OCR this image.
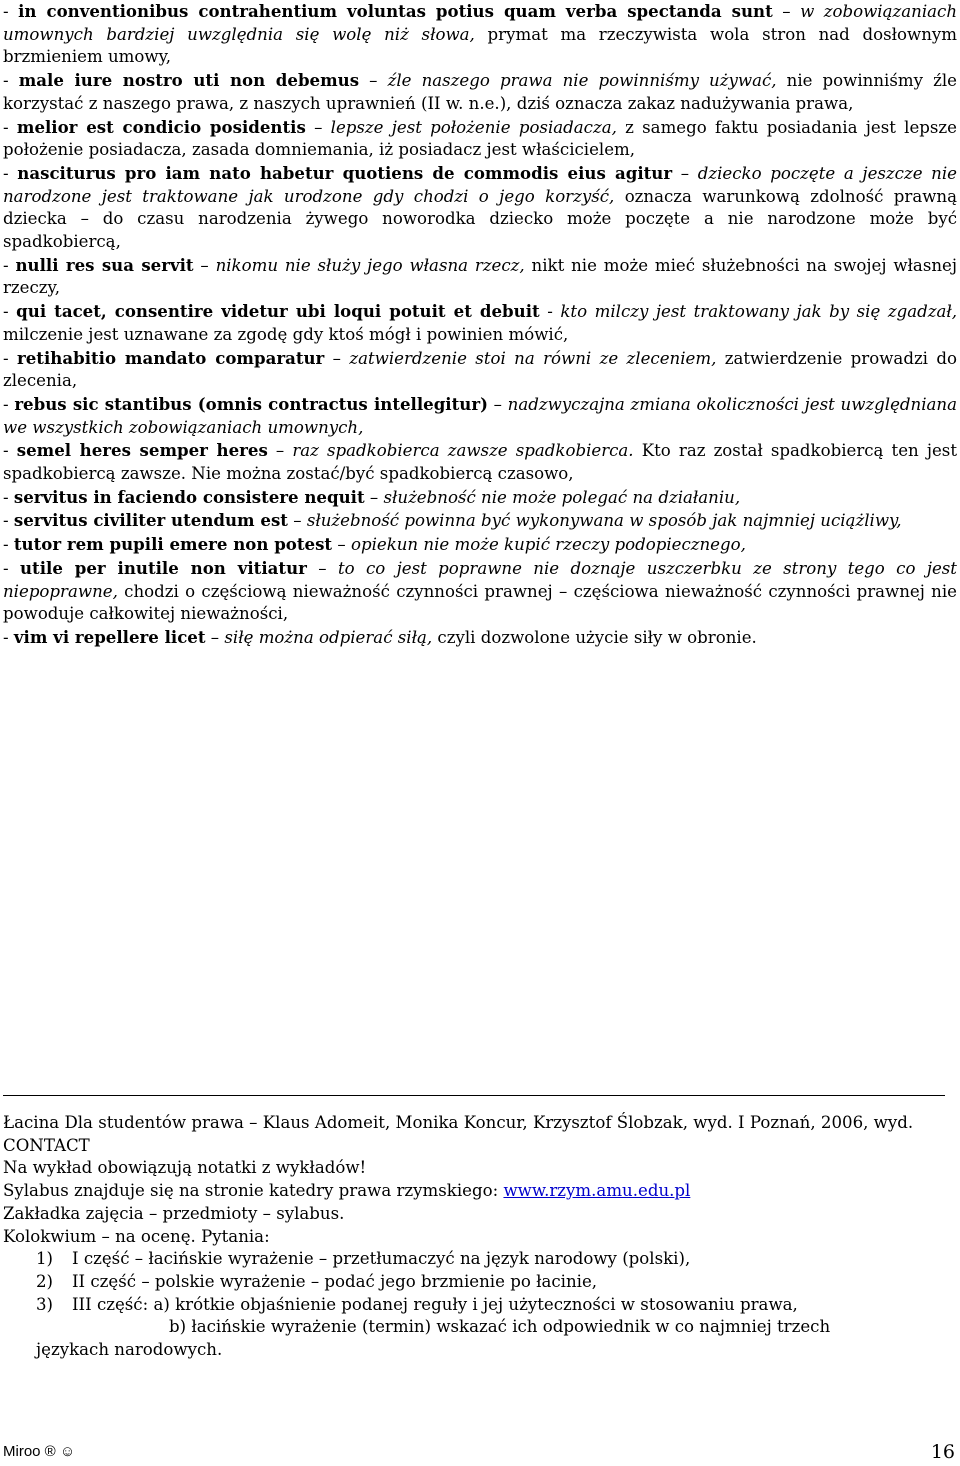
- in conventionibus contrahentium voluntas potius quam verba spectanda sunt – w zobowiązaniach umownych bardziej uwzględnia się wolę niż słowa, prymat ma rzeczywista wola stron nad dosłownym brzmieniem umowy,

- male iure nostro uti non debemus – źle naszego prawa nie powinniśmy używać, nie powinniśmy źle korzystać z naszego prawa, z naszych uprawnień (II w. n.e.), dziś oznacza zakaz nadużywania prawa,

- melior est condicio posidentis – lepsze jest położenie posiadacza, z samego faktu posiadania jest lepsze położenie posiadacza, zasada domniemania, iż posiadacz jest właścicielem,

- nasciturus pro iam nato habetur quotiens de commodis eius agitur – dziecko poczęte a jeszcze nie narodzone jest traktowane jak urodzone gdy chodzi o jego korzyść, oznacza warunkową zdolność prawną dziecka – do czasu narodzenia żywego noworodka dziecko może poczęte a nie narodzone może być spadkobiercą,

- nulli res sua servit – nikomu nie służy jego własna rzecz, nikt nie może mieć służebności na swojej własnej rzeczy,

- qui tacet, consentire videtur ubi loqui potuit et debuit - kto milczy jest traktowany jak by się zgadzał, milczenie jest uznawane za zgodę gdy ktoś mógł i powinien mówić,

- retihabitio mandato comparatur – zatwierdzenie stoi na równi ze zleceniem, zatwierdzenie prowadzi do zlecenia,

- rebus sic stantibus (omnis contractus intellegitur) – nadzwyczajna zmiana okoliczności jest uwzględniana we wszystkich zobowiązaniach umownych,

- semel heres semper heres – raz spadkobierca zawsze spadkobierca. Kto raz został spadkobiercą ten jest spadkobiercą zawsze. Nie można zostać/być spadkobiercą czasowo,

- servitus in faciendo consistere nequit – służebność nie może polegać na działaniu,

- servitus civiliter utendum est – służebność powinna być wykonywana w sposób jak najmniej uciążliwy,

- tutor rem pupili emere non potest – opiekun nie może kupić rzeczy podopiecznego,

- utile per inutile non vitiatur – to co jest poprawne nie doznaje uszczerbku ze strony tego co jest niepoprawne, chodzi o częściową nieważność czynności prawnej – częściowa nieważność czynności prawnej nie powoduje całkowitej nieważności,

- vim vi repellere licet – siłę można odpierać siłą, czyli dozwolone użycie siły w obronie.

Łacina Dla studentów prawa – Klaus Adomeit, Monika Koncur, Krzysztof Ślobzak, wyd. I Poznań, 2006, wyd. CONTACT

Na wykład obowiązują notatki z wykładów!

Sylabus znajduje się na stronie katedry prawa rzymskiego: www.rzym.amu.edu.pl

Zakładka zajęcia – przedmioty – sylabus.

Kolokwium – na ocenę. Pytania:

1) I część – łacińskie wyrażenie – przetłumaczyć na język narodowy (polski),
2) II część – polskie wyrażenie – podać jego brzmienie po łacinie,
3) III część: a) krótkie objaśnienie podanej reguły i jej użyteczności w stosowaniu prawa,

b) łacińskie wyrażenie (termin) wskazać ich odpowiednik w co najmniej trzech

językach narodowych.

Miroo ® ☺	16
